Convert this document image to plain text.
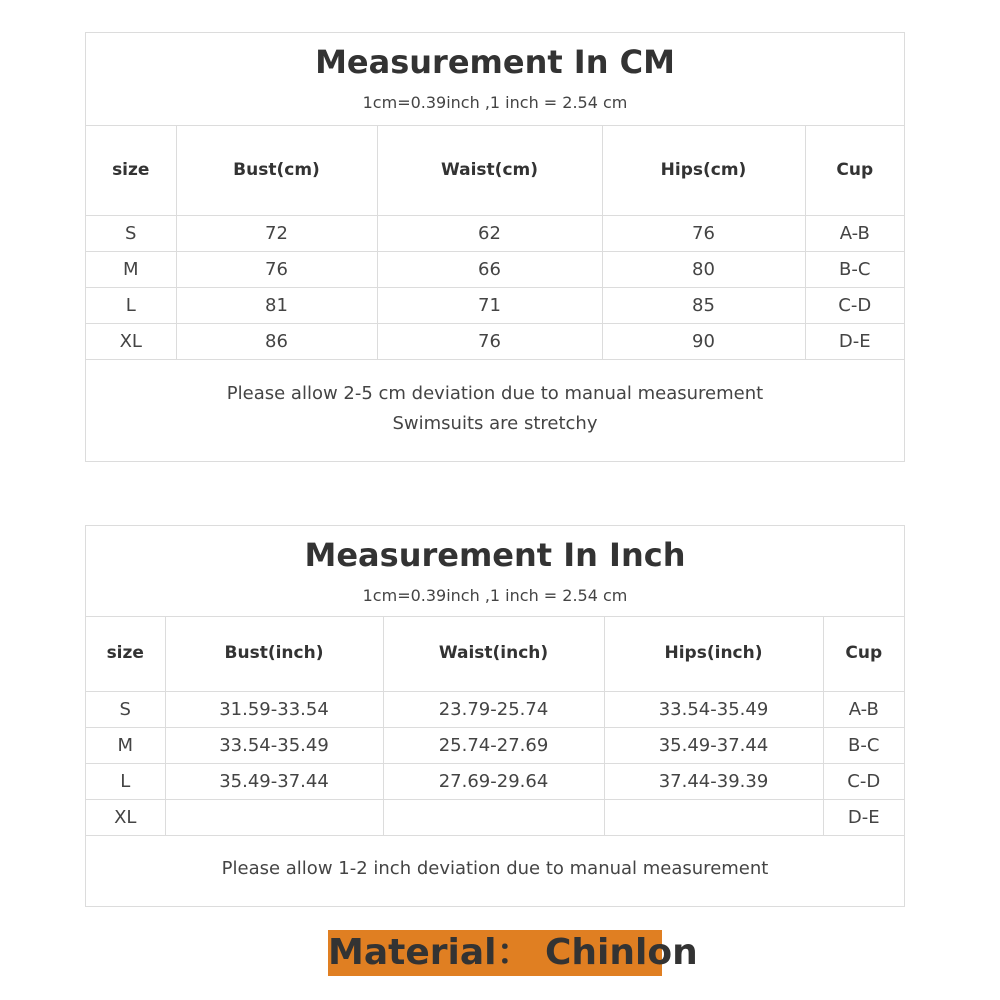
Measurement In CM
1cm=0.39inch ,1 inch = 2.54 cm
size	Bust(cm)	Waist(cm)	Hips(cm)	Cup
S	72	62	76	A-B
M	76	66	80	B-C
L	81	71	85	C-D
XL	86	76	90	D-E
Please allow 2-5 cm deviation due to manual measurement
Swimsuits are stretchy
Measurement In Inch
1cm=0.39inch ,1 inch = 2.54 cm
size	Bust(inch)	Waist(inch)	Hips(inch)	Cup
S	31.59-33.54	23.79-25.74	33.54-35.49	A-B
M	33.54-35.49	25.74-27.69	35.49-37.44	B-C
L	35.49-37.44	27.69-29.64	37.44-39.39	C-D
XL				D-E
Please allow 1-2 inch deviation due to manual measurement
Material： Chinlon
